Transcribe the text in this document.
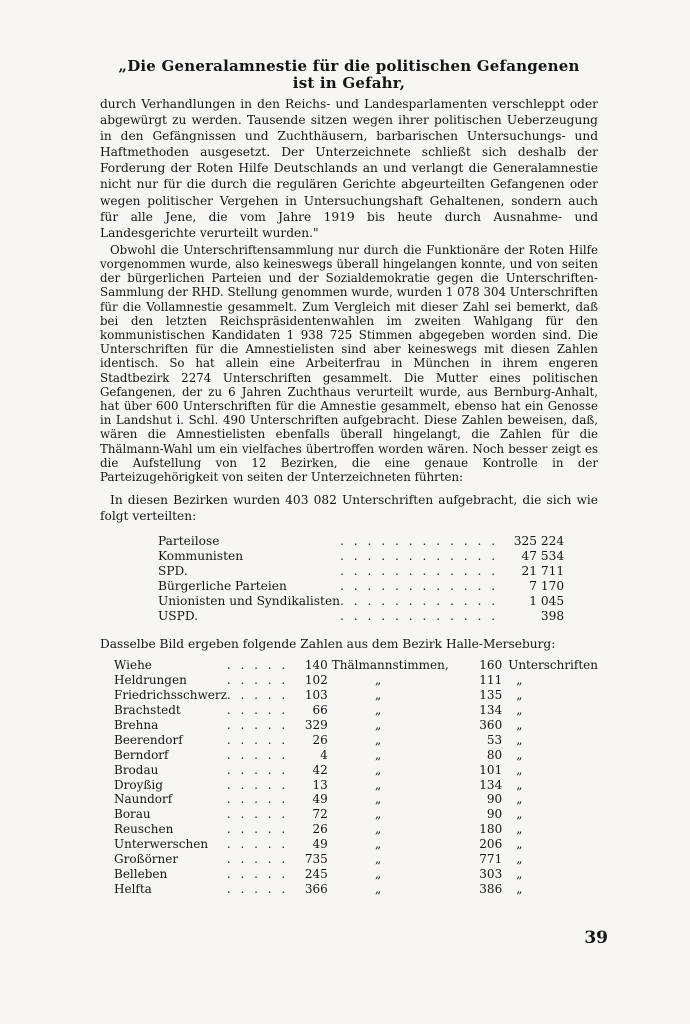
„Die Generalamnestie für die politischen Gefangenen
ist in Gefahr,

durch Verhandlungen in den Reichs- und Landesparlamenten verschleppt oder abgewürgt zu werden. Tausende sitzen wegen ihrer politischen Ueberzeugung in den Gefängnissen und Zuchthäusern, barbarischen Untersuchungs- und Haftmethoden ausgesetzt. Der Unterzeichnete schließt sich deshalb der Forderung der Roten Hilfe Deutschlands an und verlangt die Generalamnestie nicht nur für die durch die regulären Gerichte abgeurteilten Gefangenen oder wegen politischer Vergehen in Untersuchungshaft Gehaltenen, sondern auch für alle Jene, die vom Jahre 1919 bis heute durch Ausnahme- und Landesgerichte verurteilt wurden."

Obwohl die Unterschriftensammlung nur durch die Funktionäre der Roten Hilfe vorgenommen wurde, also keineswegs überall hingelangen konnte, und von seiten der bürgerlichen Parteien und der Sozialdemokratie gegen die Unterschriften-Sammlung der RHD. Stellung genommen wurde, wurden 1 078 304 Unterschriften für die Vollamnestie gesammelt. Zum Vergleich mit dieser Zahl sei bemerkt, daß bei den letzten Reichspräsidentenwahlen im zweiten Wahlgang für den kommunistischen Kandidaten 1 938 725 Stimmen abgegeben worden sind. Die Unterschriften für die Amnestielisten sind aber keineswegs mit diesen Zahlen identisch. So hat allein eine Arbeiterfrau in München in ihrem engeren Stadtbezirk 2274 Unterschriften gesammelt. Die Mutter eines politischen Gefangenen, der zu 6 Jahren Zuchthaus verurteilt wurde, aus Bernburg-Anhalt, hat über 600 Unterschriften für die Amnestie gesammelt, ebenso hat ein Genosse in Landshut i. Schl. 490 Unterschriften aufgebracht. Diese Zahlen beweisen, daß, wären die Amnestielisten ebenfalls überall hingelangt, die Zahlen für die Thälmann-Wahl um ein vielfaches übertroffen worden wären. Noch besser zeigt es die Aufstellung von 12 Bezirken, die eine genaue Kontrolle in der Parteizugehörigkeit von seiten der Unterzeichneten führten:

In diesen Bezirken wurden 403 082 Unterschriften aufgebracht, die sich wie folgt verteilten:

Parteilose	. . . . . . . . . . . .	325 224
Kommunisten	. . . . . . . . . . . .	47 534
SPD.	. . . . . . . . . . . .	21 711
Bürgerliche Parteien	. . . . . . . . . . . .	7 170
Unionisten und Syndikalisten	. . . . . . . . . . . .	1 045
USPD.	. . . . . . . . . . . .	398

Dasselbe Bild ergeben folgende Zahlen aus dem Bezirk Halle-Merseburg:

Wiehe	. . . . .	140	Thälmannstimmen,	160	Unterschriften
Heldrungen	. . . . .	102	„	111	„
Friedrichsschwerz	. . . . .	103	„	135	„
Brachstedt	. . . . .	66	„	134	„
Brehna	. . . . .	329	„	360	„
Beerendorf	. . . . .	26	„	53	„
Berndorf	. . . . .	4	„	80	„
Brodau	. . . . .	42	„	101	„
Droyßig	. . . . .	13	„	134	„
Naundorf	. . . . .	49	„	90	„
Borau	. . . . .	72	„	90	„
Reuschen	. . . . .	26	„	180	„
Unterwerschen	. . . . .	49	„	206	„
Großörner	. . . . .	735	„	771	„
Belleben	. . . . .	245	„	303	„
Helfta	. . . . .	366	„	386	„
39
